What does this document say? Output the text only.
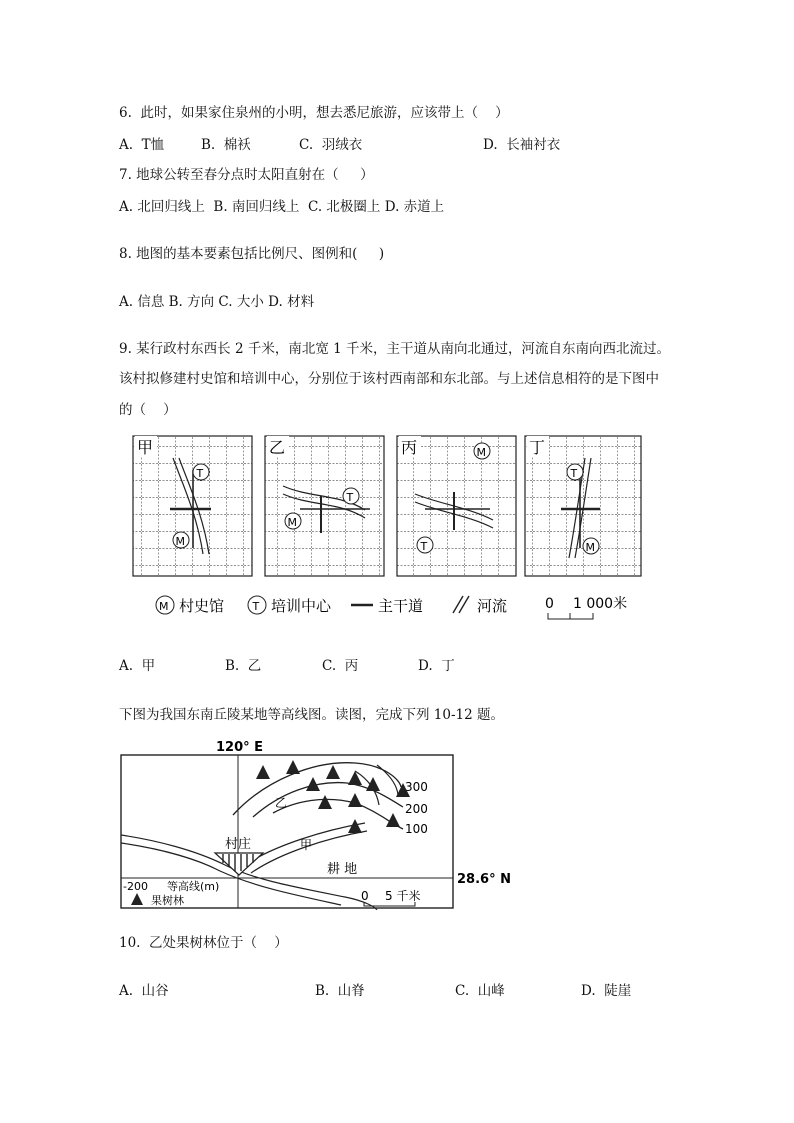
6.  此时，如果家住泉州的小明，想去悉尼旅游，应该带上（    ）
A.  T恤	B.  棉袄	C.  羽绒衣	D.  长袖衬衣
7. 地球公转至春分点时太阳直射在（     ）
A. 北回归线上  B. 南回归线上  C. 北极圈上 D. 赤道上
8. 地图的基本要素包括比例尺、图例和(     )
A. 信息 B. 方向 C. 大小 D. 材料
9. 某行政村东西长 2 千米，南北宽 1 千米，主干道从南向北通过，河流自东南向西北流过。
该村拟修建村史馆和培训中心，分别位于该村西南部和东北部。与上述信息相符的是下图中
的（    ）
甲
T
M
乙
T
M
丙	M
T
丁
T
M
M 村史馆	T 培训中心	主干道	河流	0 1 000米
A.  甲	B.  乙	C.  丙	D.  丁
下图为我国东南丘陵某地等高线图。读图，完成下列 10-12 题。
120° E
28.6° N
300
200
100
村庄
乙
甲
耕 地
-200 等高线(m)
果树林	0 5 千米
10.  乙处果树林位于（    ）
A.  山谷	B.  山脊	C.  山峰	D.  陡崖
